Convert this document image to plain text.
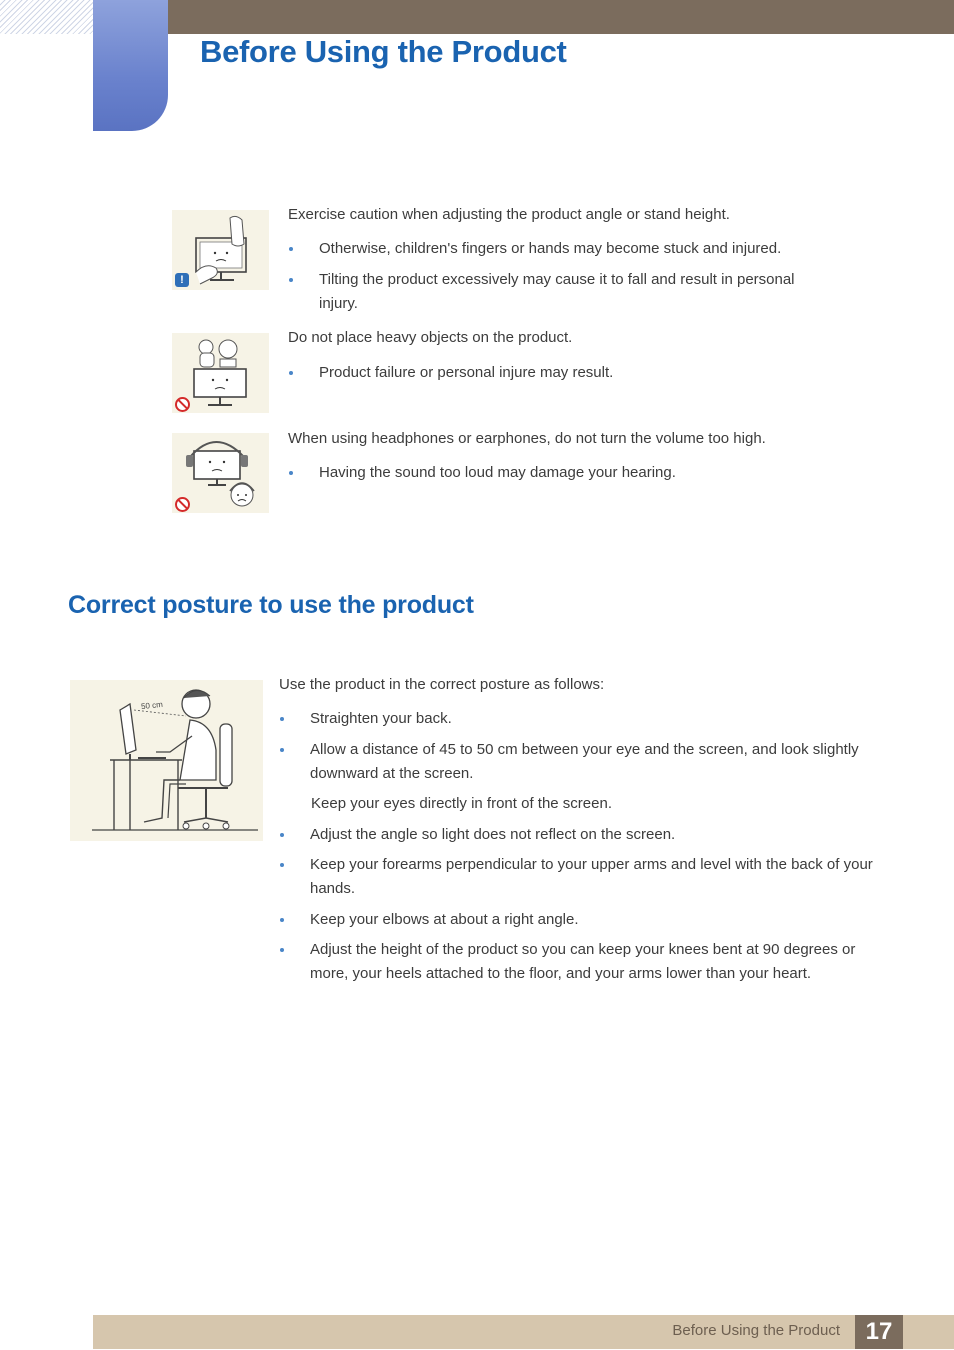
Before Using the Product
!

Exercise caution when adjusting the product angle or stand height.

Otherwise, children's fingers or hands may become stuck and injured.
Tilting the product excessively may cause it to fall and result in personal injury.

Do not place heavy objects on the product.

Product failure or personal injure may result.

When using headphones or earphones, do not turn the volume too high.

Having the sound too loud may damage your hearing.
Correct posture to use the product
50 cm

Use the product in the correct posture as follows:

Straighten your back.
Allow a distance of 45 to 50 cm between your eye and the screen, and look slightly downward at the screen.

Keep your eyes directly in front of the screen.

Adjust the angle so light does not reflect on the screen.
Keep your forearms perpendicular to your upper arms and level with the back of your hands.
Keep your elbows at about a right angle.
Adjust the height of the product so you can keep your knees bent at 90 degrees or more, your heels attached to the floor, and your arms lower than your heart.
Before Using the Product	17
